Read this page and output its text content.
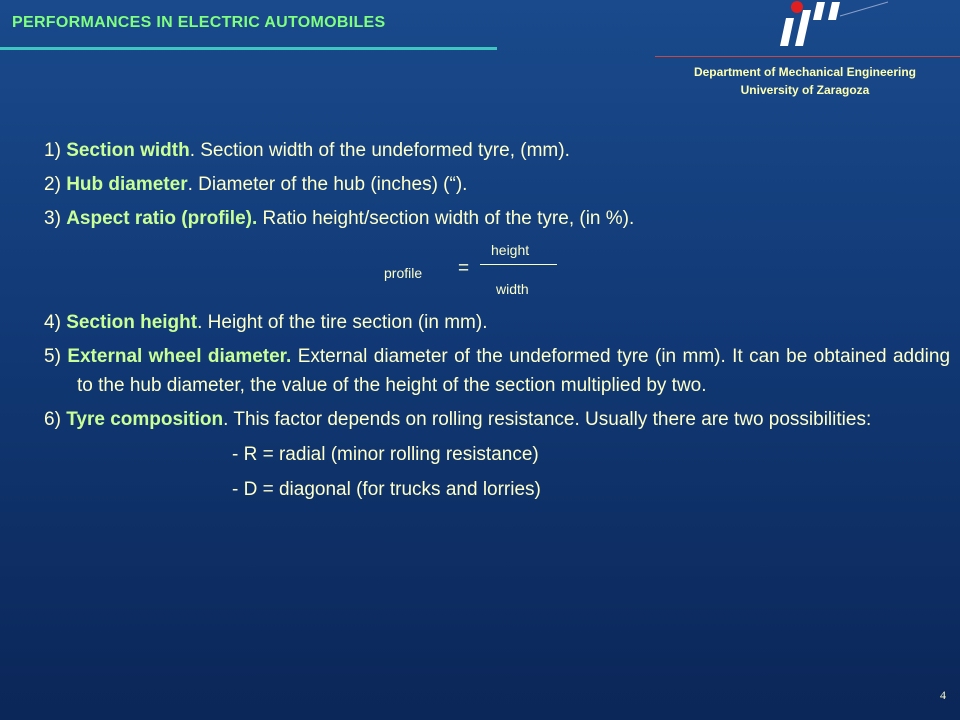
PERFORMANCES IN ELECTRIC AUTOMOBILES
Department of Mechanical Engineering
University of Zaragoza

1) Section width. Section width of the undeformed tyre, (mm).

2) Hub diameter. Diameter of the hub (inches) (“).

3) Aspect ratio (profile). Ratio height/section width of the tyre, (in %).

profile =
height
width

4) Section height. Height of the tire section (in mm).

5) External wheel diameter. External diameter of the undeformed tyre (in mm). It can be obtained adding to the hub diameter, the value of the height of the section multiplied by two.

6) Tyre composition. This factor depends on rolling resistance. Usually there are two possibilities:

- R = radial (minor rolling resistance)

- D = diagonal (for trucks and lorries)

4
